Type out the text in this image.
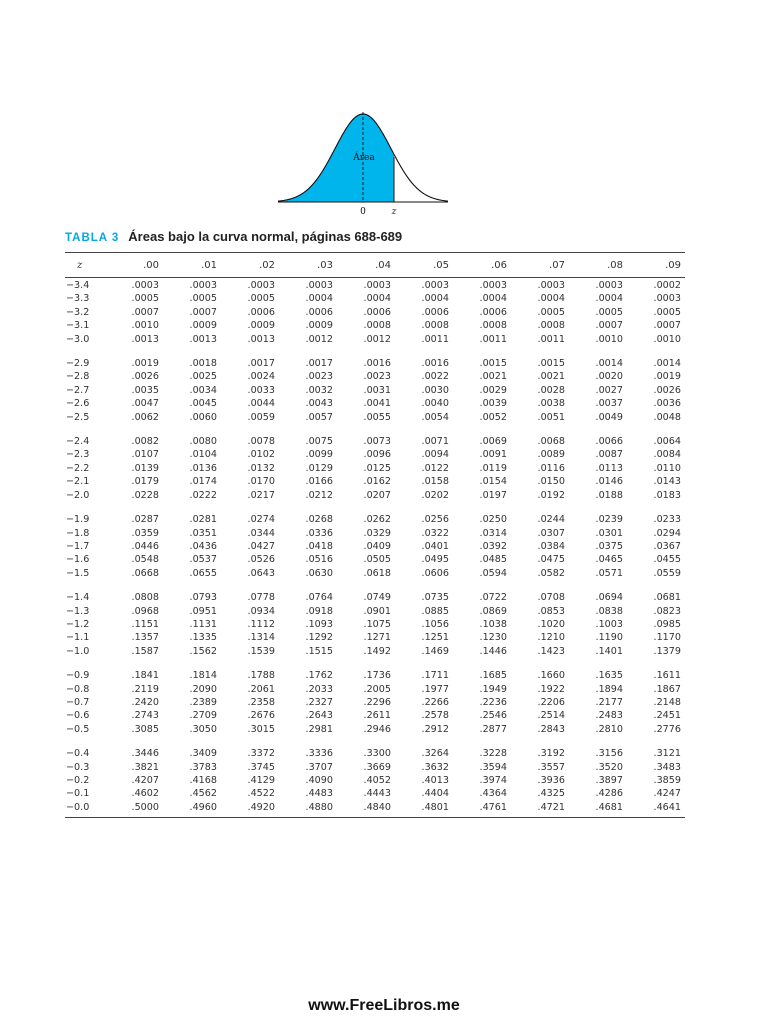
Área
0	z
TABLA 3 Áreas bajo la curva normal, páginas 688-689
z	.00	.01	.02	.03	.04	.05	.06	.07	.08	.09
−3.4	.0003	.0003	.0003	.0003	.0003	.0003	.0003	.0003	.0003	.0002
−3.3	.0005	.0005	.0005	.0004	.0004	.0004	.0004	.0004	.0004	.0003
−3.2	.0007	.0007	.0006	.0006	.0006	.0006	.0006	.0005	.0005	.0005
−3.1	.0010	.0009	.0009	.0009	.0008	.0008	.0008	.0008	.0007	.0007
−3.0	.0013	.0013	.0013	.0012	.0012	.0011	.0011	.0011	.0010	.0010

−2.9	.0019	.0018	.0017	.0017	.0016	.0016	.0015	.0015	.0014	.0014
−2.8	.0026	.0025	.0024	.0023	.0023	.0022	.0021	.0021	.0020	.0019
−2.7	.0035	.0034	.0033	.0032	.0031	.0030	.0029	.0028	.0027	.0026
−2.6	.0047	.0045	.0044	.0043	.0041	.0040	.0039	.0038	.0037	.0036
−2.5	.0062	.0060	.0059	.0057	.0055	.0054	.0052	.0051	.0049	.0048

−2.4	.0082	.0080	.0078	.0075	.0073	.0071	.0069	.0068	.0066	.0064
−2.3	.0107	.0104	.0102	.0099	.0096	.0094	.0091	.0089	.0087	.0084
−2.2	.0139	.0136	.0132	.0129	.0125	.0122	.0119	.0116	.0113	.0110
−2.1	.0179	.0174	.0170	.0166	.0162	.0158	.0154	.0150	.0146	.0143
−2.0	.0228	.0222	.0217	.0212	.0207	.0202	.0197	.0192	.0188	.0183

−1.9	.0287	.0281	.0274	.0268	.0262	.0256	.0250	.0244	.0239	.0233
−1.8	.0359	.0351	.0344	.0336	.0329	.0322	.0314	.0307	.0301	.0294
−1.7	.0446	.0436	.0427	.0418	.0409	.0401	.0392	.0384	.0375	.0367
−1.6	.0548	.0537	.0526	.0516	.0505	.0495	.0485	.0475	.0465	.0455
−1.5	.0668	.0655	.0643	.0630	.0618	.0606	.0594	.0582	.0571	.0559

−1.4	.0808	.0793	.0778	.0764	.0749	.0735	.0722	.0708	.0694	.0681
−1.3	.0968	.0951	.0934	.0918	.0901	.0885	.0869	.0853	.0838	.0823
−1.2	.1151	.1131	.1112	.1093	.1075	.1056	.1038	.1020	.1003	.0985
−1.1	.1357	.1335	.1314	.1292	.1271	.1251	.1230	.1210	.1190	.1170
−1.0	.1587	.1562	.1539	.1515	.1492	.1469	.1446	.1423	.1401	.1379

−0.9	.1841	.1814	.1788	.1762	.1736	.1711	.1685	.1660	.1635	.1611
−0.8	.2119	.2090	.2061	.2033	.2005	.1977	.1949	.1922	.1894	.1867
−0.7	.2420	.2389	.2358	.2327	.2296	.2266	.2236	.2206	.2177	.2148
−0.6	.2743	.2709	.2676	.2643	.2611	.2578	.2546	.2514	.2483	.2451
−0.5	.3085	.3050	.3015	.2981	.2946	.2912	.2877	.2843	.2810	.2776

−0.4	.3446	.3409	.3372	.3336	.3300	.3264	.3228	.3192	.3156	.3121
−0.3	.3821	.3783	.3745	.3707	.3669	.3632	.3594	.3557	.3520	.3483
−0.2	.4207	.4168	.4129	.4090	.4052	.4013	.3974	.3936	.3897	.3859
−0.1	.4602	.4562	.4522	.4483	.4443	.4404	.4364	.4325	.4286	.4247
−0.0	.5000	.4960	.4920	.4880	.4840	.4801	.4761	.4721	.4681	.4641
www.FreeLibros.me
